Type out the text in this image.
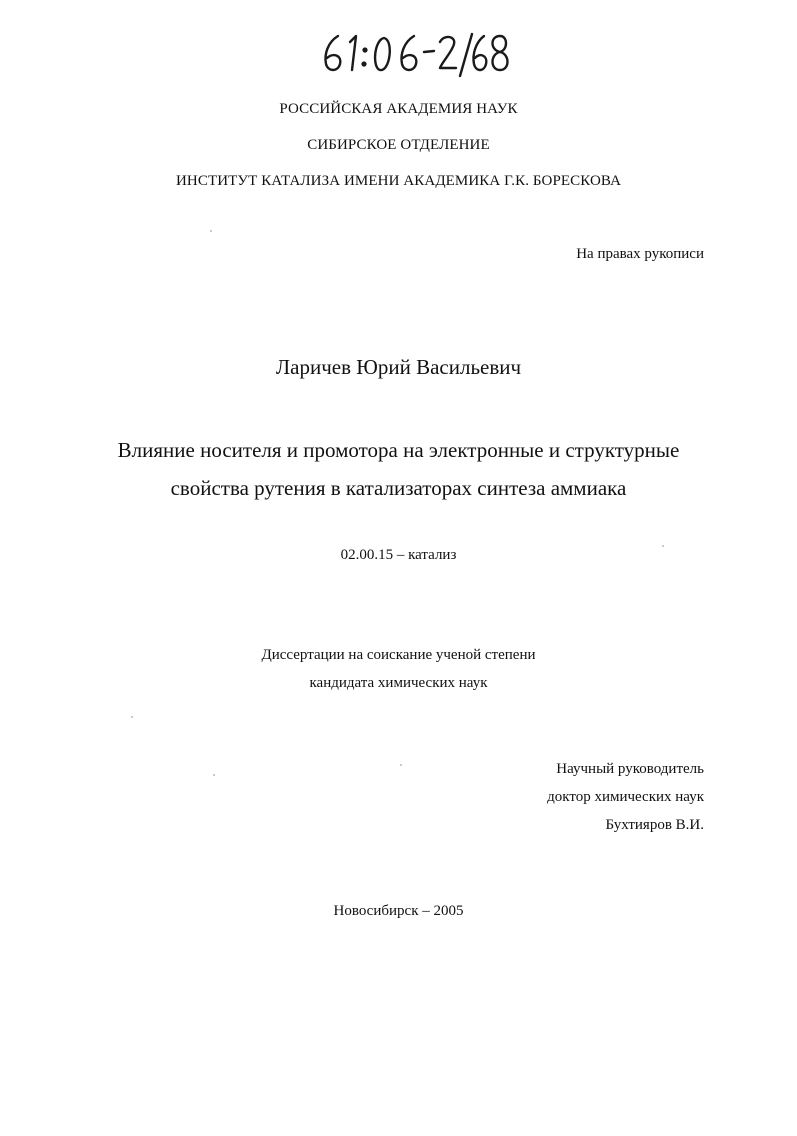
РОССИЙСКАЯ АКАДЕМИЯ НАУК
СИБИРСКОЕ ОТДЕЛЕНИЕ
ИНСТИТУТ КАТАЛИЗА ИМЕНИ АКАДЕМИКА Г.К. БОРЕСКОВА
На правах рукописи
Ларичев Юрий Васильевич
Влияние носителя и промотора на электронные и структурные
свойства рутения в катализаторах синтеза аммиака
02.00.15 – катализ
Диссертации на соискание ученой степени
кандидата химических наук
Научный руководитель
доктор химических наук
Бухтияров В.И.
Новосибирск – 2005
